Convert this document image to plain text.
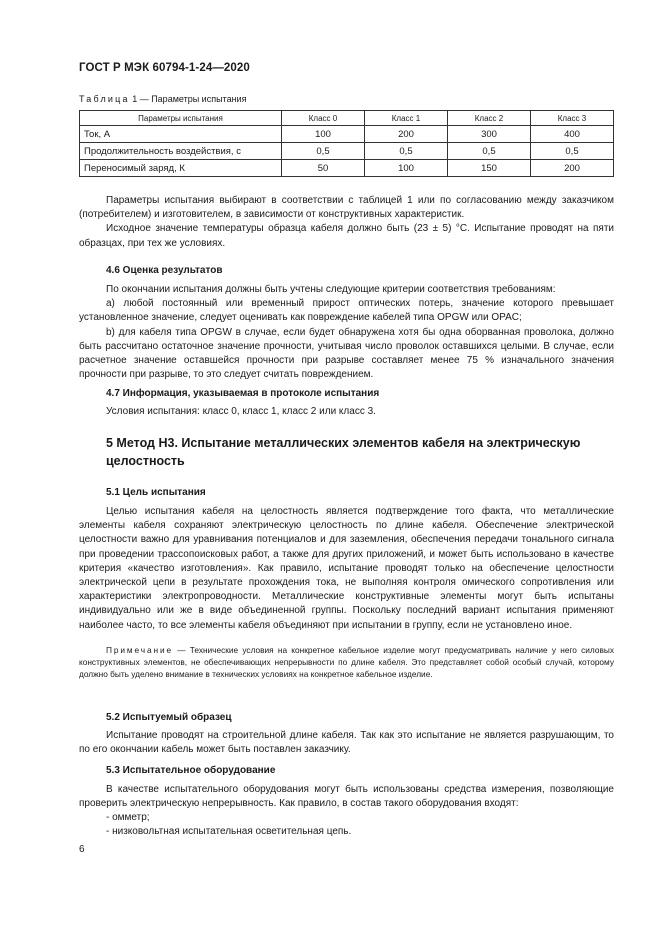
ГОСТ Р МЭК 60794-1-24—2020
Таблица 1 — Параметры испытания
Параметры испытания	Класс 0	Класс 1	Класс 2	Класс 3
Ток, А	100	200	300	400
Продолжительность воздействия, с	0,5	0,5	0,5	0,5
Переносимый заряд, К	50	100	150	200

Параметры испытания выбирают в соответствии с таблицей 1 или по согласованию между заказчиком (потребителем) и изготовителем, в зависимости от конструктивных характеристик.

Исходное значение температуры образца кабеля должно быть (23 ± 5) °С. Испытание проводят на пяти образцах, при тех же условиях.

4.6 Оценка результатов

По окончании испытания должны быть учтены следующие критерии соответствия требованиям:

a) любой постоянный или временный прирост оптических потерь, значение которого превышает установленное значение, следует оценивать как повреждение кабелей типа OPGW или OPAC;

b) для кабеля типа OPGW в случае, если будет обнаружена хотя бы одна оборванная проволока, должно быть рассчитано остаточное значение прочности, учитывая число проволок оставшихся целыми. В случае, если расчетное значение оставшейся прочности при разрыве составляет менее 75 % изначального значения прочности при разрыве, то это следует считать повреждением.

4.7 Информация, указываемая в протоколе испытания

Условия испытания: класс 0, класс 1, класс 2 или класс 3.

5 Метод Н3. Испытание металлических элементов кабеля на электрическую целостность
5.1 Цель испытания

Целью испытания кабеля на целостность является подтверждение того факта, что металлические элементы кабеля сохраняют электрическую целостность по длине кабеля. Обеспечение электрической целостности важно для уравнивания потенциалов и для заземления, обеспечения передачи тонального сигнала при проведении трассопоисковых работ, а также для других приложений, и может быть использовано в качестве критерия «качество изготовления». Как правило, испытание проводят только на обеспечение целостности электрической цепи в результате прохождения тока, не выполняя контроля омического сопротивления или характеристики электропроводности. Металлические конструктивные элементы могут быть испытаны индивидуально или же в виде объединенной группы. Поскольку последний вариант испытания применяют наиболее часто, то все элементы кабеля объединяют при испытании в группу, если не установлено иное.

Примечание — Технические условия на конкретное кабельное изделие могут предусматривать наличие у него силовых конструктивных элементов, не обеспечивающих непрерывности по длине кабеля. Это представляет собой особый случай, которому должно быть уделено внимание в технических условиях на конкретное кабельное изделие.

5.2 Испытуемый образец

Испытание проводят на строительной длине кабеля. Так как это испытание не является разрушающим, то по его окончании кабель может быть поставлен заказчику.

5.3 Испытательное оборудование

В качестве испытательного оборудования могут быть использованы средства измерения, позволяющие проверить электрическую непрерывность. Как правило, в состав такого оборудования входят:

- омметр;
- низковольтная испытательная осветительная цепь.
6
